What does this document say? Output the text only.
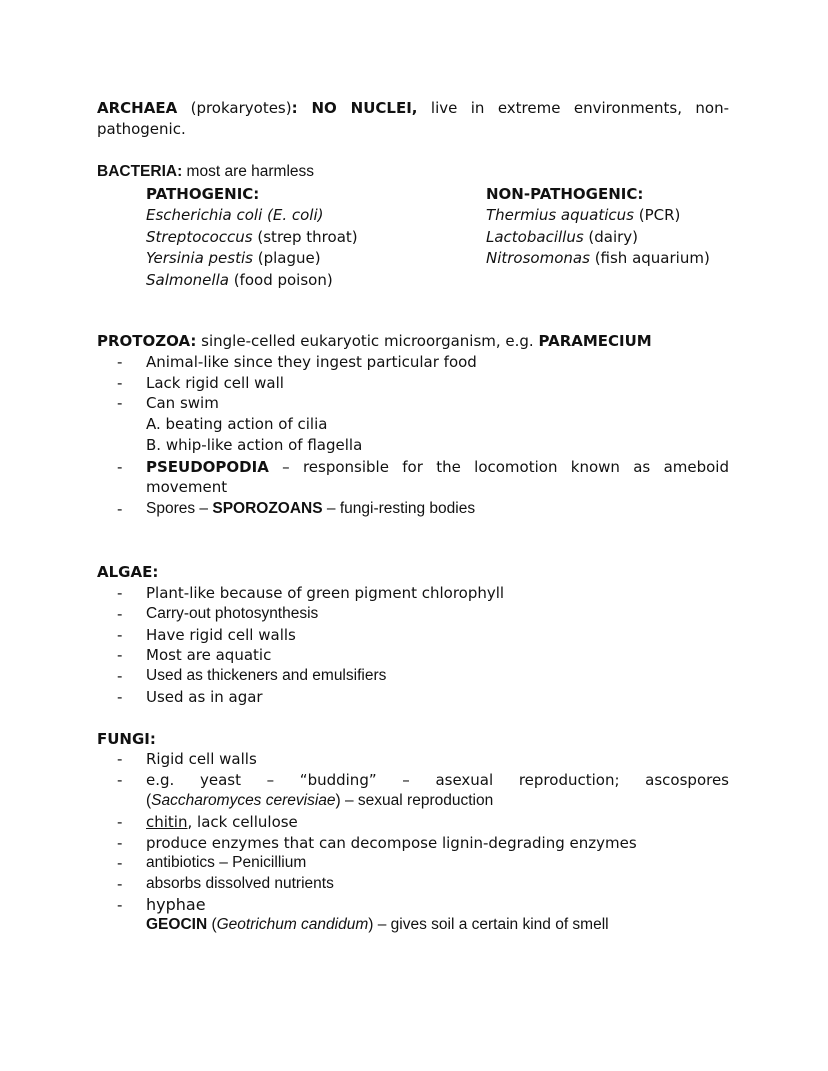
ARCHAEA (prokaryotes): NO NUCLEI, live in extreme environments, non-
pathogenic.
BACTERIA: most are harmless
PATHOGENIC:	NON-PATHOGENIC:
Escherichia coli (E. coli)
Streptococcus (strep throat)
Yersinia pestis (plague)
Salmonella (food poison)
Thermius aquaticus (PCR)
Lactobacillus (dairy)
Nitrosomonas (fish aquarium)
PROTOZOA: single-celled eukaryotic microorganism, e.g. PARAMECIUM
- Animal-like since they ingest particular food
- Lack rigid cell wall
- Can swim
A. beating action of cilia
B. whip-like action of flagella
- PSEUDOPODIA – responsible for the locomotion known as ameboid
movement
- Spores – SPOROZOANS – fungi-resting bodies
ALGAE:
- Plant-like because of green pigment chlorophyll
- Carry-out photosynthesis
- Have rigid cell walls
- Most are aquatic
- Used as thickeners and emulsifiers
- Used as in agar
FUNGI:
- Rigid cell walls
- e.g. yeast – “budding” – asexual reproduction; ascospores
(Saccharomyces cerevisiae) – sexual reproduction
- chitin, lack cellulose
- produce enzymes that can decompose lignin-degrading enzymes
- antibiotics – Penicillium
- absorbs dissolved nutrients
- hyphae
GEOCIN (Geotrichum candidum) – gives soil a certain kind of smell
